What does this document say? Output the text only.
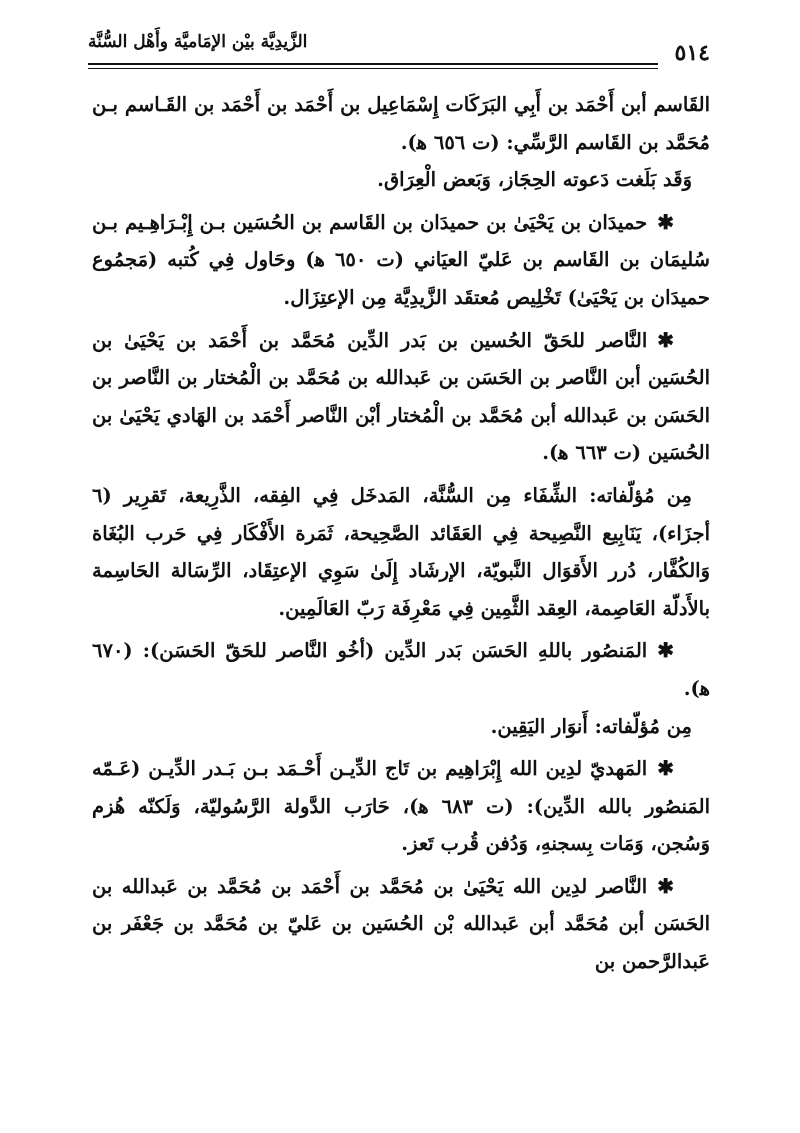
الزَّيدِيَّة بيْن الإمَاميَّة وأَهْل السُّنَّة	٥١٤

القَاسم أبن أَحْمَد بن أَبِي البَرَكَات إِسْمَاعِيل بن أَحْمَد بن أَحْمَد بن القَـاسم بـن مُحَمَّد بن القَاسم الرَّسِّي: (ت ٦٥٦ ﻫ).

وَقَد بَلَغت دَعوته الحِجَاز، وَبَعض الْعِرَاق.

✱حميدَان بن يَحْيَىٰ بن حميدَان بن القَاسم بن الحُسَين بـن إِبْـرَاهِـيم بـن سُليمَان بن القَاسم بن عَليّ العيَاني (ت ٦٥٠ ﻫ) وحَاول فِي كُتبه (مَجمُوع حميدَان بن يَحْيَىٰ) تَخْلِيص مُعتقَد الزَّيدِيَّة مِن الإعتِزَال.

✱النَّاصر للحَقّ الحُسين بن بَدر الدِّين مُحَمَّد بن أَحْمَد بن يَحْيَىٰ بن الحُسَين أبن النَّاصر بن الحَسَن بن عَبدالله بن مُحَمَّد بن الْمُختار بن النَّاصر بن الحَسَن بن عَبدالله أبن مُحَمَّد بن الْمُختار أبْن النَّاصر أَحْمَد بن الهَادي يَحْيَىٰ بن الحُسَين (ت ٦٦٣ ﻫ).

مِن مُؤلّفاته: الشِّفَاء مِن السُّنَّة، المَدخَل فِي الفِقه، الذَّرِيعة، تَقرِير (٦ أجزَاء)، يَنَابِيع النَّصِيحة فِي العَقَائد الصَّحِيحة، ثَمَرة الأَفْكَار فِي حَرب البُغَاة وَالكُفَّار، دُرر الأَقوَال النَّبويّة، الإرشَاد إِلَىٰ سَوِي الإعتِقَاد، الرِّسَالة الحَاسِمة بالأَدلّة العَاصِمة، العِقد الثَّمِين فِي مَعْرِفَة رَبّ العَالَمِين.

✱المَنصُور باللهِ الحَسَن بَدر الدِّين (أخُو النَّاصر للحَقّ الحَسَن): (٦٧٠ ﻫ).

مِن مُؤلّفاته: أَنوَار اليَقِين.

✱المَهديّ لدِين الله إِبْرَاهِيم بن تَاج الدِّيـن أَحْـمَد بـن بَـدر الدِّيـن (عَـمّه المَنصُور بالله الدِّين): (ت ٦٨٣ ﻫ)، حَارَب الدَّولة الرَّسُوليّة، وَلَكنّه هُزم وَسُجن، وَمَات بِسجنهِ، وَدُفن قُرب تَعز.

✱النَّاصر لدِين الله يَحْيَىٰ بن مُحَمَّد بن أَحْمَد بن مُحَمَّد بن عَبدالله بن الحَسَن أبن مُحَمَّد أبن عَبدالله بْن الحُسَين بن عَليّ بن مُحَمَّد بن جَعْفَر بن عَبدالرَّحمن بن
